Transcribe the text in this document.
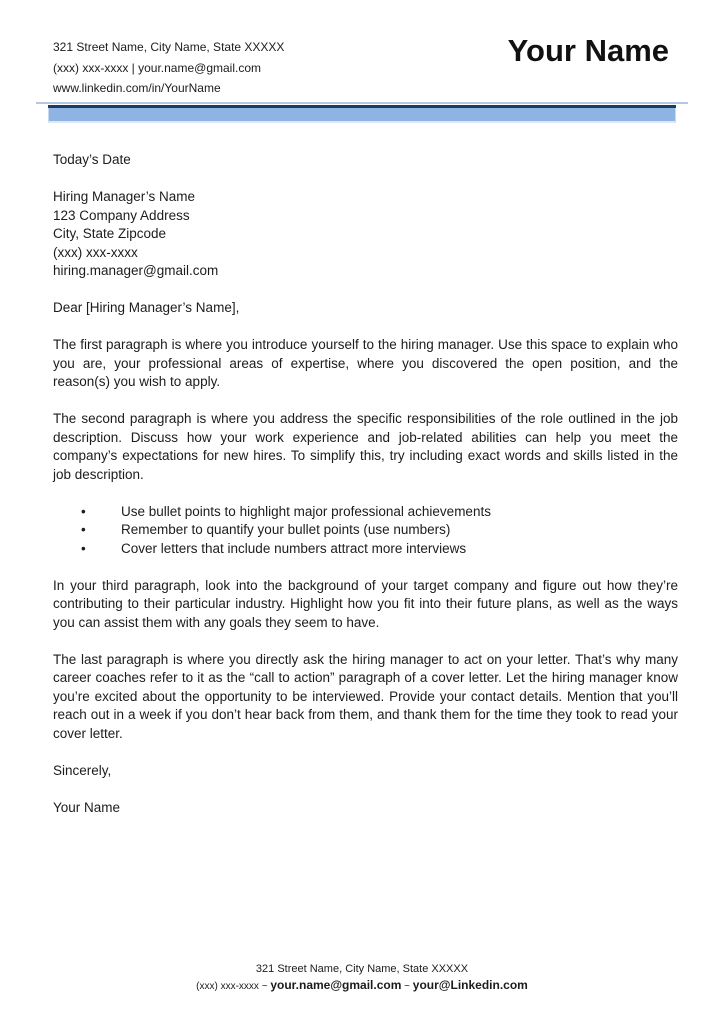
321 Street Name, City Name, State XXXXX
(xxx) xxx-xxxx | your.name@gmail.com
www.linkedin.com/in/YourName
Your Name

Today’s Date

Hiring Manager’s Name
123 Company Address
City, State Zipcode
(xxx) xxx-xxxx
hiring.manager@gmail.com

Dear [Hiring Manager’s Name],

The first paragraph is where you introduce yourself to the hiring manager. Use this space to explain who you are, your professional areas of expertise, where you discovered the open position, and the reason(s) you wish to apply.

The second paragraph is where you address the specific responsibilities of the role outlined in the job description. Discuss how your work experience and job-related abilities can help you meet the company’s expectations for new hires. To simplify this, try including exact words and skills listed in the job description.

•	Use bullet points to highlight major professional achievements
•	Remember to quantify your bullet points (use numbers)
•	Cover letters that include numbers attract more interviews

In your third paragraph, look into the background of your target company and figure out how they’re contributing to their particular industry. Highlight how you fit into their future plans, as well as the ways you can assist them with any goals they seem to have.

The last paragraph is where you directly ask the hiring manager to act on your letter. That’s why many career coaches refer to it as the “call to action” paragraph of a cover letter. Let the hiring manager know you’re excited about the opportunity to be interviewed. Provide your contact details. Mention that you’ll reach out in a week if you don’t hear back from them, and thank them for the time they took to read your cover letter.

Sincerely,

Your Name

321 Street Name, City Name, State XXXXX
(xxx) xxx-xxxx ~ your.name@gmail.com ~ your@Linkedin.com
